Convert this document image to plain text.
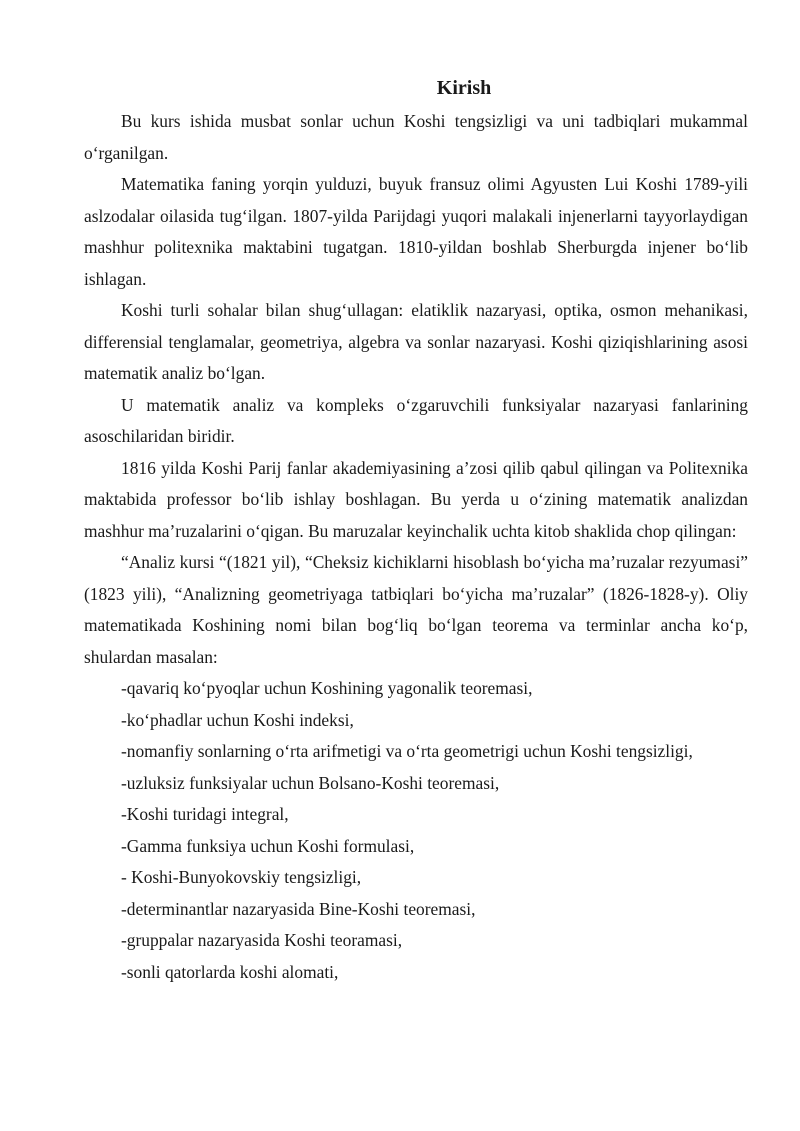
Kirish

Bu kurs ishida musbat sonlar uchun Koshi tengsizligi va uni tadbiqlari mukammal o‘rganilgan.

Matematika faning yorqin yulduzi, buyuk fransuz olimi Agyusten Lui Koshi 1789-yili aslzodalar oilasida tug‘ilgan. 1807-yilda Parijdagi yuqori malakali injenerlarni tayyorlaydigan mashhur politexnika maktabini tugatgan. 1810-yildan boshlab Sherburgda injener bo‘lib ishlagan.

Koshi turli sohalar bilan shug‘ullagan: elatiklik nazaryasi, optika, osmon mehanikasi, differensial tenglamalar, geometriya, algebra va sonlar nazaryasi. Koshi qiziqishlarining asosi matematik analiz bo‘lgan.

U matematik analiz va kompleks o‘zgaruvchili funksiyalar nazaryasi fanlarining asoschilaridan biridir.

1816 yilda Koshi Parij fanlar akademiyasining a’zosi qilib qabul qilingan va Politexnika maktabida professor bo‘lib ishlay boshlagan. Bu yerda u o‘zining matematik analizdan mashhur ma’ruzalarini o‘qigan. Bu maruzalar keyinchalik uchta kitob shaklida chop qilingan:

“Analiz kursi “(1821 yil), “Cheksiz kichiklarni hisoblash bo‘yicha ma’ruzalar rezyumasi” (1823 yili), “Analizning geometriyaga tatbiqlari bo‘yicha ma’ruzalar” (1826-1828-y). Oliy matematikada Koshining nomi bilan bog‘liq bo‘lgan teorema va terminlar ancha ko‘p, shulardan masalan:

-qavariq ko‘pyoqlar uchun Koshining yagonalik teoremasi,
-ko‘phadlar uchun Koshi indeksi,
-nomanfiy sonlarning o‘rta arifmetigi va o‘rta geometrigi uchun Koshi tengsizligi,
-uzluksiz funksiyalar uchun Bolsano-Koshi teoremasi,
-Koshi turidagi integral,
-Gamma funksiya uchun Koshi formulasi,
- Koshi-Bunyokovskiy tengsizligi,
-determinantlar nazaryasida Bine-Koshi teoremasi,
-gruppalar nazaryasida Koshi teoramasi,
-sonli qatorlarda koshi alomati,
